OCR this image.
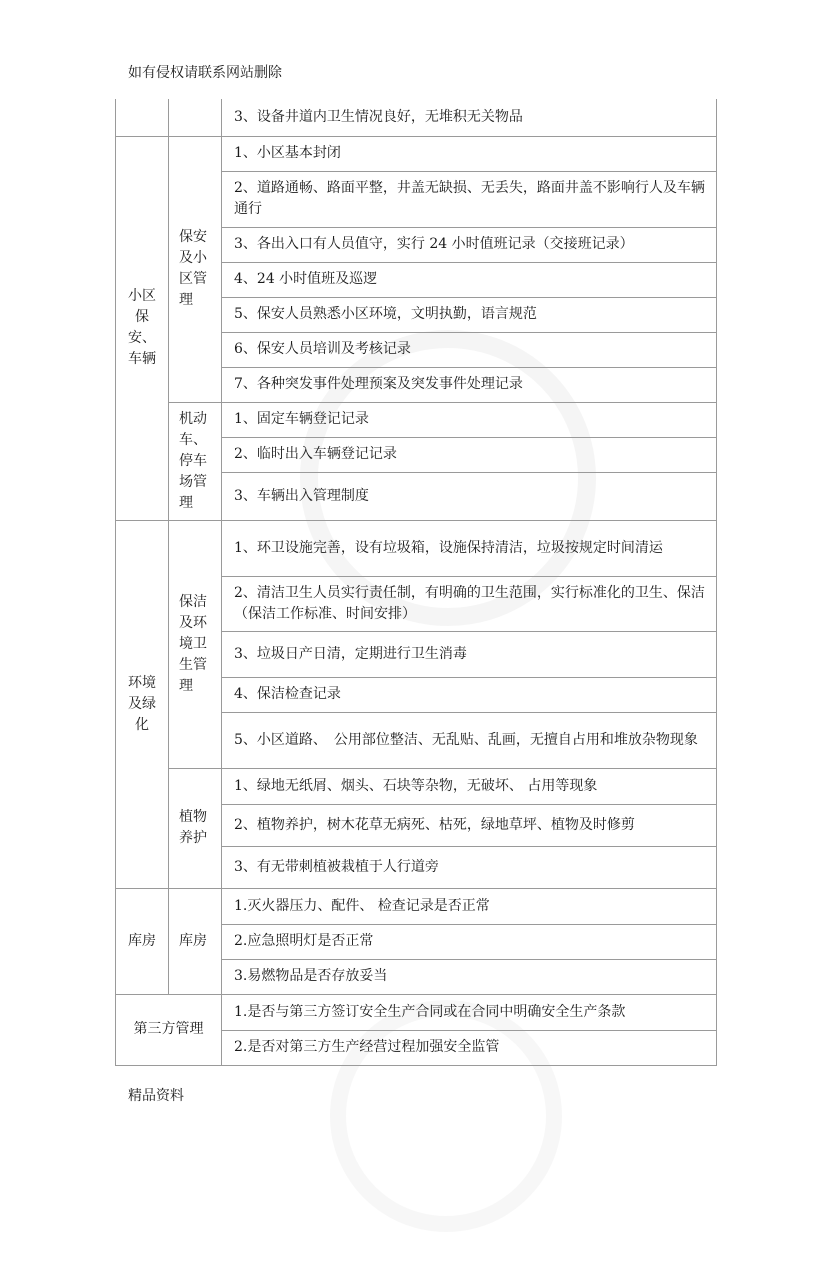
如有侵权请联系网站删除
		3、设备井道内卫生情况良好，无堆积无关物品
小区保安、车辆	保安及小区管理	1、小区基本封闭
		2、道路通畅、路面平整，井盖无缺损、无丢失，路面井盖不影响行人及车辆通行
		3、各出入口有人员值守，实行 24 小时值班记录（交接班记录）
		4、24 小时值班及巡逻
		5、保安人员熟悉小区环境，文明执勤，语言规范
		6、保安人员培训及考核记录
		7、各种突发事件处理预案及突发事件处理记录
	机动车、停车场管理	1、固定车辆登记记录
		2、临时出入车辆登记记录
		3、车辆出入管理制度
环境及绿化	保洁及环境卫生管理	1、环卫设施完善，设有垃圾箱，设施保持清洁，垃圾按规定时间清运
		2、清洁卫生人员实行责任制，有明确的卫生范围，实行标准化的卫生、保洁（保洁工作标准、时间安排）
		3、垃圾日产日清，定期进行卫生消毒
		4、保洁检查记录
		5、小区道路、　公用部位整洁、无乱贴、乱画，无擅自占用和堆放杂物现象
	植物养护	1、绿地无纸屑、烟头、石块等杂物，无破坏、 占用等现象
		2、植物养护，树木花草无病死、枯死，绿地草坪、植物及时修剪
		3、有无带刺植被栽植于人行道旁
库房	库房	1.灭火器压力、配件、 检查记录是否正常
		2.应急照明灯是否正常
		3.易燃物品是否存放妥当
第三方管理		1.是否与第三方签订安全生产合同或在合同中明确安全生产条款
		2.是否对第三方生产经营过程加强安全监管
精品资料
